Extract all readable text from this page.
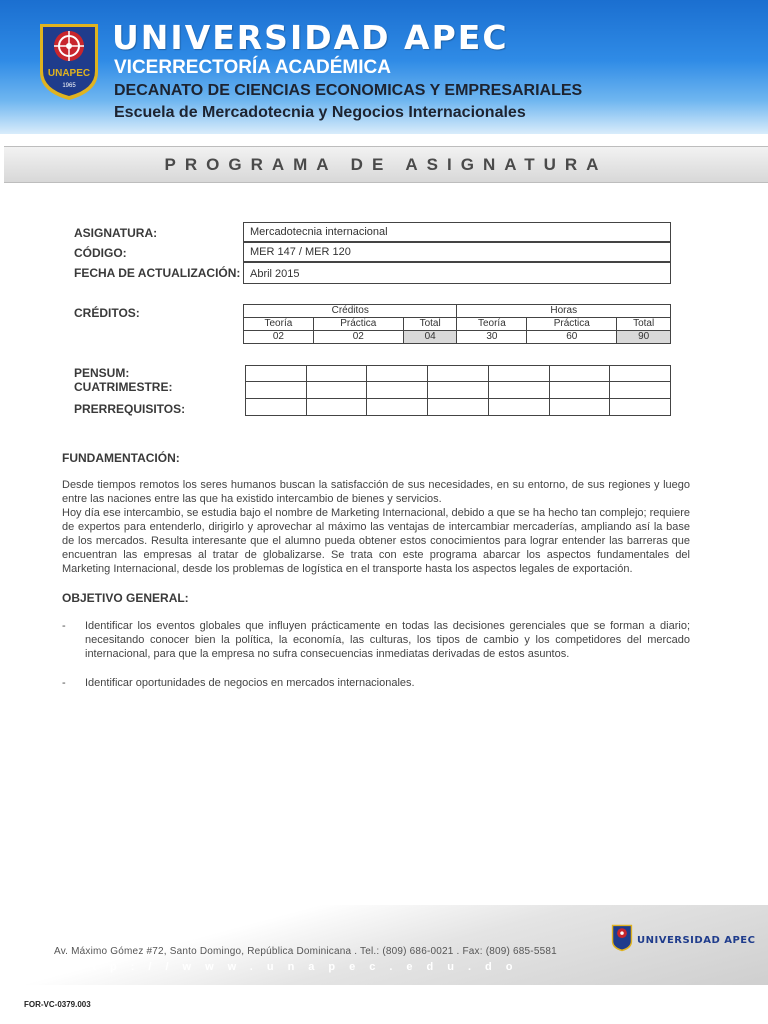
UNAPEC
1965
UNIVERSIDAD APEC
VICERRECTORÍA ACADÉMICA
DECANATO DE CIENCIAS ECONOMICAS Y EMPRESARIALES
Escuela de Mercadotecnia y Negocios Internacionales
PROGRAMA DE ASIGNATURA
ASIGNATURA:	Mercadotecnia internacional
CÓDIGO:	MER 147 / MER 120
FECHA DE ACTUALIZACIÓN: Abril 2015
CRÉDITOS:	Créditos			Horas		
Teoría	Práctica	Total	Teoría	Práctica	Total
02	02	04	30	60	90
PENSUM:
CUATRIMESTRE:
PRERREQUISITOS:

FUNDAMENTACIÓN:
Desde tiempos remotos los seres humanos buscan la satisfacción de sus necesidades, en su entorno, de sus regiones y luego entre las naciones entre las que ha existido intercambio de bienes y servicios.
Hoy día ese intercambio, se estudia bajo el nombre de Marketing Internacional, debido a que se ha hecho tan complejo; requiere de expertos para entenderlo, dirigirlo y aprovechar al máximo las ventajas de intercambiar mercaderías, ampliando así la base de los mercados. Resulta interesante que el alumno pueda obtener estos conocimientos para lograr entender las barreras que encuentran las empresas al tratar de globalizarse. Se trata con este programa abarcar los aspectos fundamentales del Marketing Internacional, desde los problemas de logística en el transporte hasta los aspectos legales de exportación.
OBJETIVO GENERAL:
- Identificar los eventos globales que influyen prácticamente en todas las decisiones gerenciales que se forman a diario; necesitando conocer bien la política, la economía, las culturas, los tipos de cambio y los competidores del mercado internacional, para que la empresa no sufra consecuencias inmediatas derivadas de estos asuntos.
- Identificar oportunidades de negocios en mercados internacionales.
UNIVERSIDAD APEC
Av. Máximo Gómez #72, Santo Domingo, República Dominicana . Tel.: (809) 686-0021 . Fax: (809) 685-5581
http://www.unapec.edu.do
FOR-VC-0379.003
